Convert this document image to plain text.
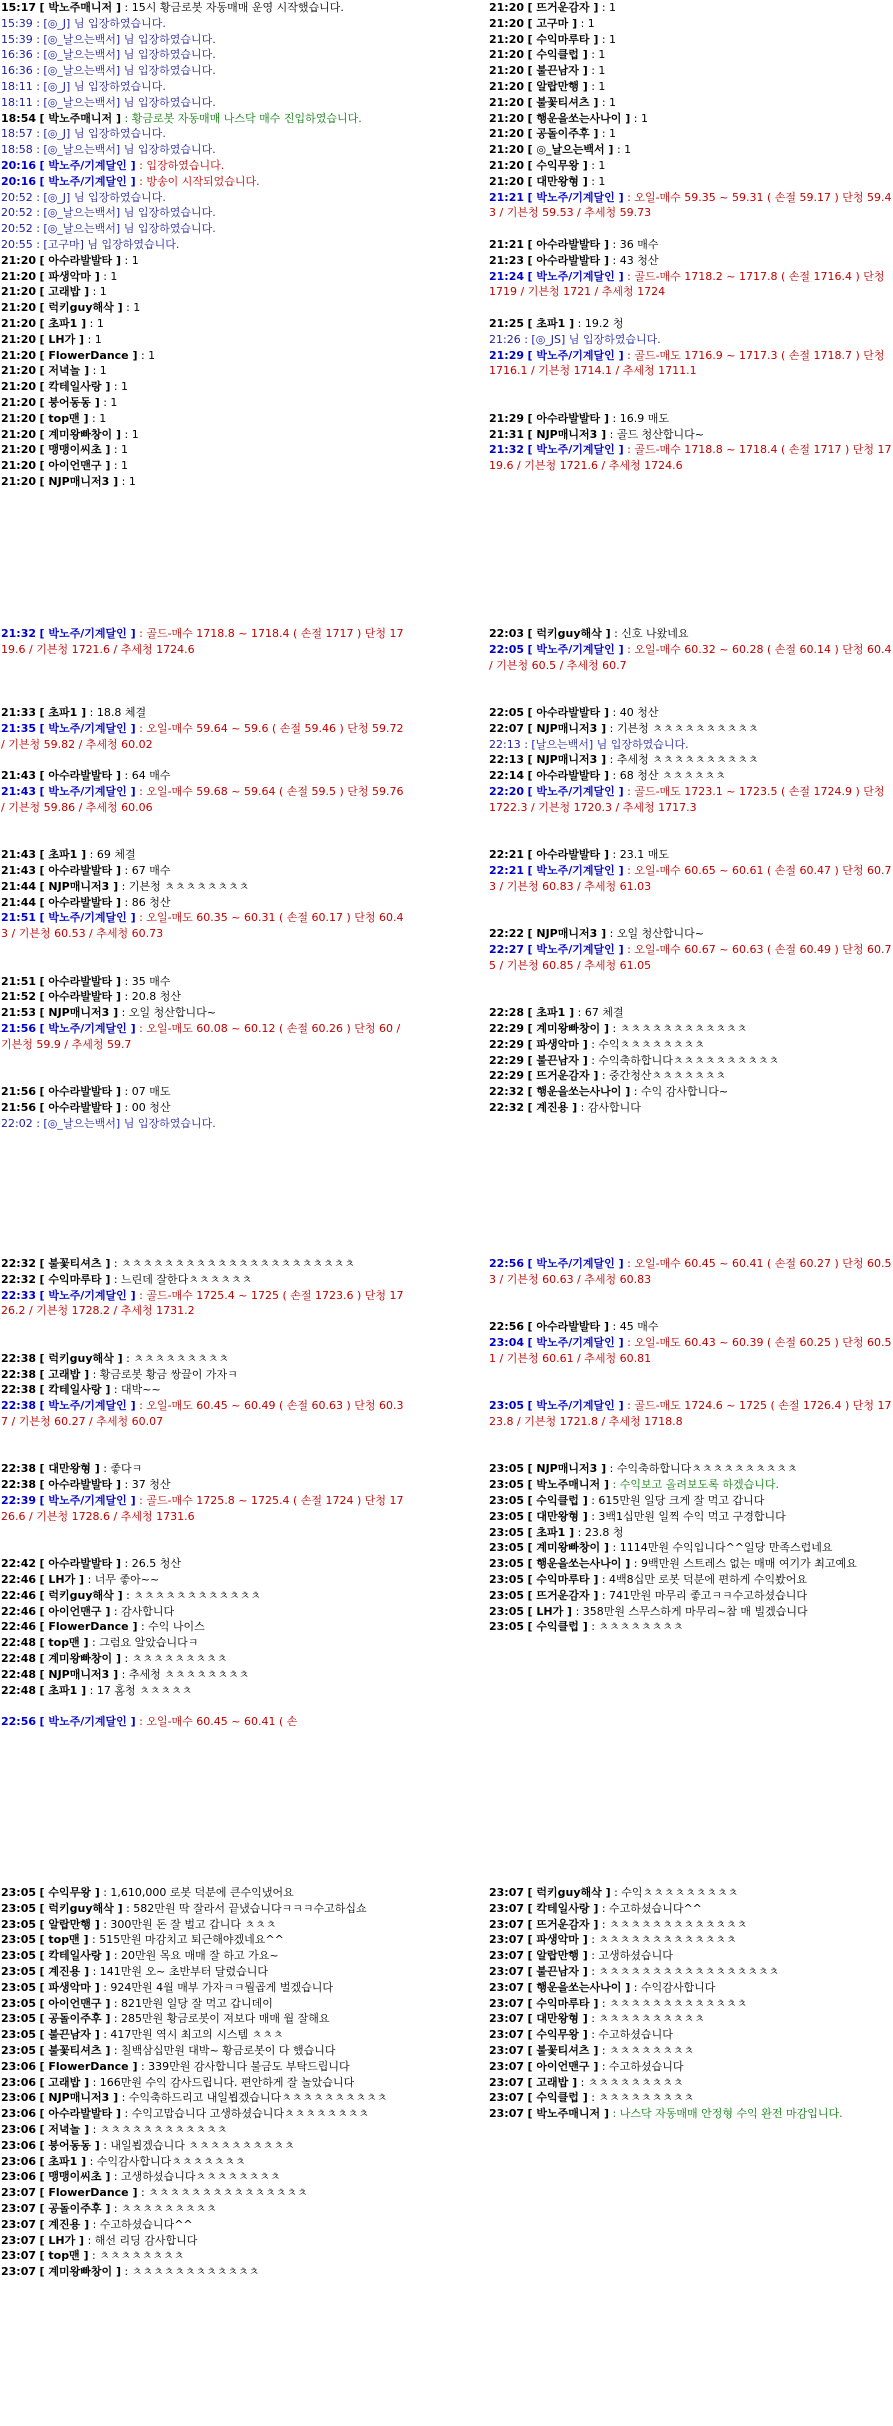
15:17 [ 박노주매니저 ] : 15시 황금로봇 자동매매 운영 시작했습니다.
15:39 : [◎_J] 님 입장하였습니다.
15:39 : [◎_날으는백서] 님 입장하였습니다.
16:36 : [◎_날으는백서] 님 입장하였습니다.
16:36 : [◎_날으는백서] 님 입장하였습니다.
18:11 : [◎_J] 님 입장하였습니다.
18:11 : [◎_날으는백서] 님 입장하였습니다.
18:54 [ 박노주매니저 ] : 황금로봇 자동매매 나스닥 매수 진입하였습니다.
18:57 : [◎_J] 님 입장하였습니다.
18:58 : [◎_날으는백서] 님 입장하였습니다.
20:16 [ 박노주/기계달인 ] : 입장하였습니다.
20:16 [ 박노주/기계달인 ] : 방송이 시작되었습니다.
20:52 : [◎_J] 님 입장하였습니다.
20:52 : [◎_날으는백서] 님 입장하였습니다.
20:52 : [◎_날으는백서] 님 입장하였습니다.
20:55 : [고구마] 님 입장하였습니다.
21:20 [ 아수라발발타 ] : 1
21:20 [ 파생악마 ] : 1
21:20 [ 고래밥 ] : 1
21:20 [ 럭키guy해삭 ] : 1
21:20 [ 초파1 ] : 1
21:20 [ LH가 ] : 1
21:20 [ FlowerDance ] : 1
21:20 [ 저녁놀 ] : 1
21:20 [ 칵테일사랑 ] : 1
21:20 [ 붕어동동 ] : 1
21:20 [ top맨 ] : 1
21:20 [ 계미왕빠창이 ] : 1
21:20 [ 맹맹이씨초 ] : 1
21:20 [ 아이언맨구 ] : 1
21:20 [ NJP매니저3 ] : 1
21:20 [ 뜨거운감자 ] : 1
21:20 [ 고구마 ] : 1
21:20 [ 수익마루타 ] : 1
21:20 [ 수익클럽 ] : 1
21:20 [ 불끈남자 ] : 1
21:20 [ 알랍만행 ] : 1
21:20 [ 불꽃티셔츠 ] : 1
21:20 [ 행운을쏘는사나이 ] : 1
21:20 [ 공돌이주후 ] : 1
21:20 [ ◎_날으는백서 ] : 1
21:20 [ 수익무왕 ] : 1
21:20 [ 대만왕형 ] : 1
21:21 [ 박노주/기계달인 ] : 오일-매수 59.35 ~ 59.31 ( 손절 59.17 ) 단청 59.43 / 기븐청 59.53 / 추세청 59.73
21:21 [ 아수라발발타 ] : 36 매수
21:23 [ 아수라발발타 ] : 43 청산
21:24 [ 박노주/기계달인 ] : 골드-매수 1718.2 ~ 1717.8 ( 손절 1716.4 ) 단청 1719 / 기븐청 1721 / 추세청 1724
21:25 [ 초파1 ] : 19.2 청
21:26 : [◎_JS] 님 입장하였습니다.
21:29 [ 박노주/기계달인 ] : 골드-매도 1716.9 ~ 1717.3 ( 손절 1718.7 ) 단청 1716.1 / 기븐청 1714.1 / 추세청 1711.1
21:29 [ 아수라발발타 ] : 16.9 매도
21:31 [ NJP매니저3 ] : 골드 청산합니다~
21:32 [ 박노주/기계달인 ] : 골드-매수 1718.8 ~ 1718.4 ( 손절 1717 ) 단청 1719.6 / 기븐청 1721.6 / 추세청 1724.6
21:32 [ 박노주/기계달인 ] : 골드-매수 1718.8 ~ 1718.4 ( 손절 1717 ) 단청 1719.6 / 기븐청 1721.6 / 추세청 1724.6
21:33 [ 초파1 ] : 18.8 체결
21:35 [ 박노주/기계달인 ] : 오일-매수 59.64 ~ 59.6 ( 손절 59.46 ) 단청 59.72 / 기븐청 59.82 / 추세청 60.02
21:43 [ 아수라발발타 ] : 64 매수
21:43 [ 박노주/기계달인 ] : 오일-매수 59.68 ~ 59.64 ( 손절 59.5 ) 단청 59.76 / 기븐청 59.86 / 추세청 60.06
21:43 [ 초파1 ] : 69 체결
21:43 [ 아수라발발타 ] : 67 매수
21:44 [ NJP매니저3 ] : 기븐청 ㅊㅊㅊㅊㅊㅊㅊㅊ
21:44 [ 아수라발발타 ] : 86 청산
21:51 [ 박노주/기계달인 ] : 오일-매도 60.35 ~ 60.31 ( 손절 60.17 ) 단청 60.43 / 기븐청 60.53 / 추세청 60.73
21:51 [ 아수라발발타 ] : 35 매수
21:52 [ 아수라발발타 ] : 20.8 청산
21:53 [ NJP매니저3 ] : 오일 청산합니다~
21:56 [ 박노주/기계달인 ] : 오일-매도 60.08 ~ 60.12 ( 손절 60.26 ) 단청 60 / 기븐청 59.9 / 추세청 59.7
21:56 [ 아수라발발타 ] : 07 매도
21:56 [ 아수라발발타 ] : 00 청산
22:02 : [◎_날으는백서] 님 입장하였습니다.
22:03 [ 럭키guy해삭 ] : 신호 나왔네요
22:05 [ 박노주/기계달인 ] : 오일-매수 60.32 ~ 60.28 ( 손절 60.14 ) 단청 60.4 / 기븐청 60.5 / 추세청 60.7
22:05 [ 아수라발발타 ] : 40 청산
22:07 [ NJP매니저3 ] : 기븐청 ㅊㅊㅊㅊㅊㅊㅊㅊㅊㅊ
22:13 : [날으는백서] 님 입장하였습니다.
22:13 [ NJP매니저3 ] : 추세청 ㅊㅊㅊㅊㅊㅊㅊㅊㅊㅊ
22:14 [ 아수라발발타 ] : 68 청산 ㅊㅊㅊㅊㅊㅊ
22:20 [ 박노주/기계달인 ] : 골드-매도 1723.1 ~ 1723.5 ( 손절 1724.9 ) 단청 1722.3 / 기븐청 1720.3 / 추세청 1717.3
22:21 [ 아수라발발타 ] : 23.1 매도
22:21 [ 박노주/기계달인 ] : 오일-매수 60.65 ~ 60.61 ( 손절 60.47 ) 단청 60.73 / 기븐청 60.83 / 추세청 61.03
22:22 [ NJP매니저3 ] : 오일 청산합니다~
22:27 [ 박노주/기계달인 ] : 오일-매수 60.67 ~ 60.63 ( 손절 60.49 ) 단청 60.75 / 기븐청 60.85 / 추세청 61.05
22:28 [ 초파1 ] : 67 체결
22:29 [ 계미왕빠창이 ] : ㅊㅊㅊㅊㅊㅊㅊㅊㅊㅊㅊㅊ
22:29 [ 파생악마 ] : 수익ㅊㅊㅊㅊㅊㅊㅊㅊ
22:29 [ 불끈남자 ] : 수익축하합니다ㅊㅊㅊㅊㅊㅊㅊㅊㅊㅊ
22:29 [ 뜨거운감자 ] : 중간청산ㅊㅊㅊㅊㅊㅊㅊ
22:32 [ 행운을쏘는사나이 ] : 수익 감사합니다~
22:32 [ 계진용 ] : 감사합니다
22:32 [ 불꽃티셔츠 ] : ㅊㅊㅊㅊㅊㅊㅊㅊㅊㅊㅊㅊㅊㅊㅊㅊㅊㅊㅊㅊㅊㅊ
22:32 [ 수익마루타 ] : 느린데 잘한다ㅊㅊㅊㅊㅊㅊ
22:33 [ 박노주/기계달인 ] : 골드-매수 1725.4 ~ 1725 ( 손절 1723.6 ) 단청 1726.2 / 기븐청 1728.2 / 추세청 1731.2
22:38 [ 럭키guy해삭 ] : ㅊㅊㅊㅊㅊㅊㅊㅊㅊ
22:38 [ 고래밥 ] : 황금로봇 황금 쌍끌이 가자ㅋ
22:38 [ 칵테일사랑 ] : 대박~~
22:38 [ 박노주/기계달인 ] : 오일-매도 60.45 ~ 60.49 ( 손절 60.63 ) 단청 60.37 / 기븐청 60.27 / 추세청 60.07
22:38 [ 대만왕형 ] : 좋다ㅋ
22:38 [ 아수라발발타 ] : 37 청산
22:39 [ 박노주/기계달인 ] : 골드-매수 1725.8 ~ 1725.4 ( 손절 1724 ) 단청 1726.6 / 기븐청 1728.6 / 추세청 1731.6
22:42 [ 아수라발발타 ] : 26.5 청산
22:46 [ LH가 ] : 너무 좋아~~
22:46 [ 럭키guy해삭 ] : ㅊㅊㅊㅊㅊㅊㅊㅊㅊㅊㅊㅊ
22:46 [ 아이언맨구 ] : 감사합니다
22:46 [ FlowerDance ] : 수익 나이스
22:48 [ top맨 ] : 그럼요 알았습니다ㅋ
22:48 [ 계미왕빠창이 ] : ㅊㅊㅊㅊㅊㅊㅊㅊㅊ
22:48 [ NJP매니저3 ] : 추세청 ㅊㅊㅊㅊㅊㅊㅊㅊ
22:48 [ 초파1 ] : 17 홈청 ㅊㅊㅊㅊㅊ
22:56 [ 박노주/기계달인 ] : 오일-매수 60.45 ~ 60.41 ( 손
22:56 [ 박노주/기계달인 ] : 오일-매수 60.45 ~ 60.41 ( 손절 60.27 ) 단청 60.53 / 기븐청 60.63 / 추세청 60.83
22:56 [ 아수라발발타 ] : 45 매수
23:04 [ 박노주/기계달인 ] : 오일-매도 60.43 ~ 60.39 ( 손절 60.25 ) 단청 60.51 / 기븐청 60.61 / 추세청 60.81
23:05 [ 박노주/기계달인 ] : 골드-매도 1724.6 ~ 1725 ( 손절 1726.4 ) 단청 1723.8 / 기븐청 1721.8 / 추세청 1718.8
23:05 [ NJP매니저3 ] : 수익축하합니다ㅊㅊㅊㅊㅊㅊㅊㅊㅊㅊ
23:05 [ 박노주매니저 ] : 수익보고 올려보도록 하겠습니다.
23:05 [ 수익클럽 ] : 615만원 일당 크게 잘 먹고 갑니다
23:05 [ 대만왕형 ] : 3백1십만원 일찍 수익 먹고 구경합니다
23:05 [ 초파1 ] : 23.8 청
23:05 [ 계미왕빠창이 ] : 1114만원 수익입니다^^일당 만족스럽네요
23:05 [ 행운을쏘는사나이 ] : 9백만원 스트레스 없는 매매 여기가 최고예요
23:05 [ 수익마루타 ] : 4백8십만 로봇 덕분에 편하게 수익봤어요
23:05 [ 뜨거운감자 ] : 741만원 마무리 좋고ㅋㅋ수고하셨습니다
23:05 [ LH가 ] : 358만원 스무스하게 마무리~참 매 빌겠습니다
23:05 [ 수익클럽 ] : ㅊㅊㅊㅊㅊㅊㅊㅊ
23:05 [ 수익무왕 ] : 1,610,000 로봇 덕분에 큰수익냈어요
23:05 [ 럭키guy해삭 ] : 582만원 딱 잘라서 끝냈습니다ㅋㅋㅋ수고하십쇼
23:05 [ 알랍만행 ] : 300만원 돈 잘 벌고 갑니다 ㅊㅊㅊ
23:05 [ top맨 ] : 515만원 마감치고 퇴근해야겠네요^^
23:05 [ 칵테일사랑 ] : 20만원 목요 매매 잘 하고 가요~
23:05 [ 계진용 ] : 141만원 오~ 초반부터 달렸습니다
23:05 [ 파생악마 ] : 924만원 4월 매부 가자ㅋㅋ뭘곱게 벌겠습니다
23:05 [ 아이언맨구 ] : 821만원 일당 잘 먹고 갑니데이
23:05 [ 공돌이주후 ] : 285만원 황금로봇이 져보다 매매 월 잘해요
23:05 [ 불끈남자 ] : 417만원 역시 최고의 시스템 ㅊㅊㅊ
23:05 [ 불꽃티셔츠 ] : 칠백삼십만원 대박~ 황금로봇이 다 했습니다
23:06 [ FlowerDance ] : 339만원 감사합니다 불금도 부탁드립니다
23:06 [ 고래밥 ] : 166만원 수익 감사드립니다. 편안하게 잘 놀았습니다
23:06 [ NJP매니저3 ] : 수익축하드리고 내일뵙겠습니다ㅊㅊㅊㅊㅊㅊㅊㅊㅊㅊ
23:06 [ 아수라발발타 ] : 수익고맙습니다 고생하셨습니다ㅊㅊㅊㅊㅊㅊㅊㅊ
23:06 [ 저녁놀 ] : ㅊㅊㅊㅊㅊㅊㅊㅊㅊㅊㅊㅊ
23:06 [ 붕어동동 ] : 내일뵙겠습니다 ㅊㅊㅊㅊㅊㅊㅊㅊㅊㅊ
23:06 [ 초파1 ] : 수익감사합니다ㅊㅊㅊㅊㅊㅊㅊ
23:06 [ 맹맹이씨초 ] : 고생하셨습니다ㅊㅊㅊㅊㅊㅊㅊㅊ
23:07 [ FlowerDance ] : ㅊㅊㅊㅊㅊㅊㅊㅊㅊㅊㅊㅊㅊㅊㅊ
23:07 [ 공돌이주후 ] : ㅊㅊㅊㅊㅊㅊㅊㅊㅊ
23:07 [ 계진용 ] : 수고하셨습니다^^
23:07 [ LH가 ] : 해선 리딩 감사합니다
23:07 [ top맨 ] : ㅊㅊㅊㅊㅊㅊㅊㅊ
23:07 [ 계미왕빠창이 ] : ㅊㅊㅊㅊㅊㅊㅊㅊㅊㅊㅊㅊ
23:07 [ 럭키guy해삭 ] : 수익ㅊㅊㅊㅊㅊㅊㅊㅊㅊ
23:07 [ 칵테일사랑 ] : 수고하셨습니다^^
23:07 [ 뜨거운감자 ] : ㅊㅊㅊㅊㅊㅊㅊㅊㅊㅊㅊㅊㅊ
23:07 [ 파생악마 ] : ㅊㅊㅊㅊㅊㅊㅊㅊㅊㅊㅊㅊㅊ
23:07 [ 알랍만행 ] : 고생하셨습니다
23:07 [ 불끈남자 ] : ㅊㅊㅊㅊㅊㅊㅊㅊㅊㅊㅊㅊㅊㅊㅊㅊㅊ
23:07 [ 행운을쏘는사나이 ] : 수익감사합니다
23:07 [ 수익마루타 ] : ㅊㅊㅊㅊㅊㅊㅊㅊㅊㅊㅊㅊㅊ
23:07 [ 대만왕형 ] : ㅊㅊㅊㅊㅊㅊㅊㅊㅊㅊ
23:07 [ 수익무왕 ] : 수고하셨습니다
23:07 [ 불꽃티셔츠 ] : ㅊㅊㅊㅊㅊㅊㅊㅊ
23:07 [ 아이언맨구 ] : 수고하셨습니다
23:07 [ 고래밥 ] : ㅊㅊㅊㅊㅊㅊㅊㅊㅊ
23:07 [ 수익클럽 ] : ㅊㅊㅊㅊㅊㅊㅊㅊㅊ
23:07 [ 박노주매니저 ] : 나스닥 자동매매 안정형 수익 완전 마감입니다.
